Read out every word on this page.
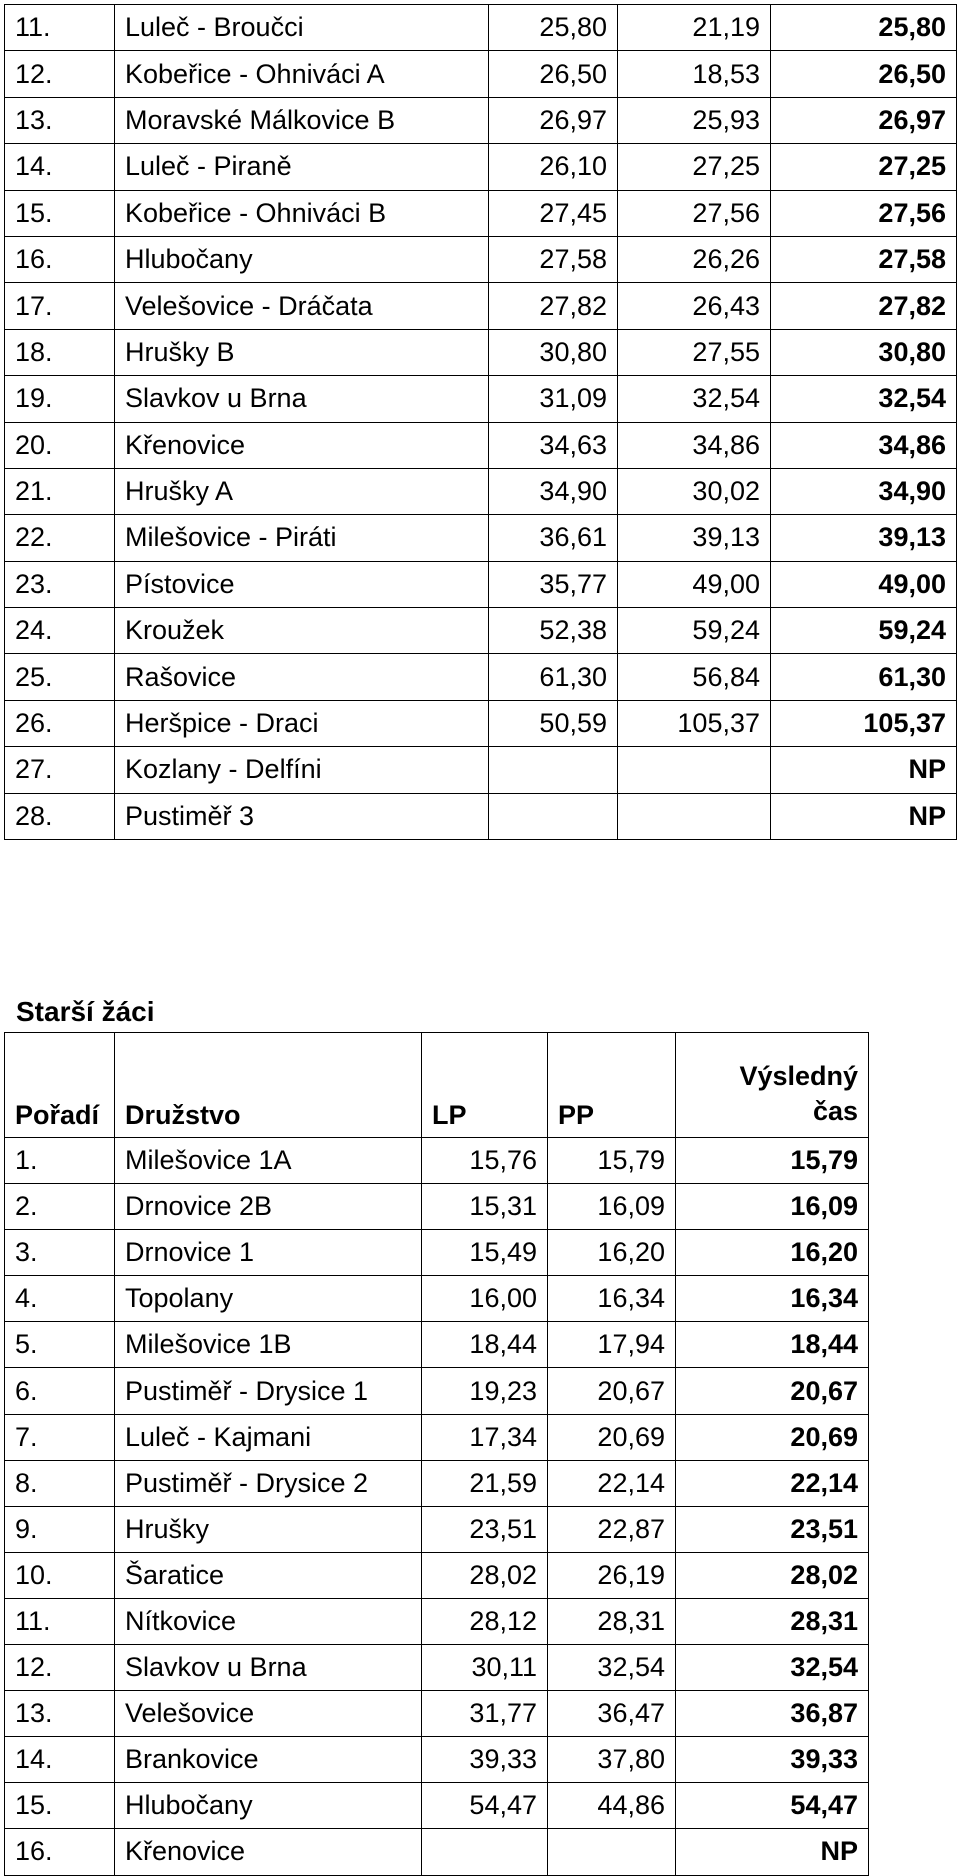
11.	Luleč - Broučci	25,80	21,19	25,80
12.	Kobeřice - Ohniváci A	26,50	18,53	26,50
13.	Moravské Málkovice B	26,97	25,93	26,97
14.	Luleč - Piraně	26,10	27,25	27,25
15.	Kobeřice - Ohniváci B	27,45	27,56	27,56
16.	Hlubočany	27,58	26,26	27,58
17.	Velešovice - Dráčata	27,82	26,43	27,82
18.	Hrušky B	30,80	27,55	30,80
19.	Slavkov u Brna	31,09	32,54	32,54
20.	Křenovice	34,63	34,86	34,86
21.	Hrušky A	34,90	30,02	34,90
22.	Milešovice - Piráti	36,61	39,13	39,13
23.	Pístovice	35,77	49,00	49,00
24.	Kroužek	52,38	59,24	59,24
25.	Rašovice	61,30	56,84	61,30
26.	Heršpice - Draci	50,59	105,37	105,37
27.	Kozlany - Delfíni			NP
28.	Pustiměř 3			NP
Starší žáci
Pořadí	Družstvo	LP	PP	Výsledný
čas
1.	Milešovice 1A	15,76	15,79	15,79
2.	Drnovice 2B	15,31	16,09	16,09
3.	Drnovice 1	15,49	16,20	16,20
4.	Topolany	16,00	16,34	16,34
5.	Milešovice 1B	18,44	17,94	18,44
6.	Pustiměř - Drysice 1	19,23	20,67	20,67
7.	Luleč - Kajmani	17,34	20,69	20,69
8.	Pustiměř - Drysice 2	21,59	22,14	22,14
9.	Hrušky	23,51	22,87	23,51
10.	Šaratice	28,02	26,19	28,02
11.	Nítkovice	28,12	28,31	28,31
12.	Slavkov u Brna	30,11	32,54	32,54
13.	Velešovice	31,77	36,47	36,87
14.	Brankovice	39,33	37,80	39,33
15.	Hlubočany	54,47	44,86	54,47
16.	Křenovice			NP
